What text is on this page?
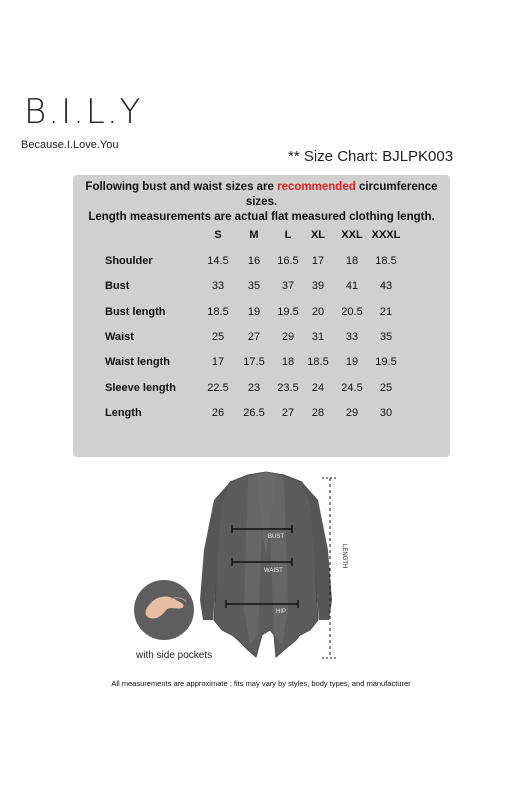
B.I.L.Y
Because.I.Love.You
** Size Chart: BJLPK003
Following bust and waist sizes are recommended circumference sizes.
Length measurements are actual flat measured clothing length.
S	M	L	XL	XXL XXXL
Shoulder	14.5	16	16.5	17	18	18.5
Bust	33	35	37	39	41	43
Bust length	18.5	19	19.5	20	20.5	21
Waist	25	27	29	31	33	35
Waist length	17	17.5	18	18.5	19	19.5
Sleeve length	22.5	23	23.5	24	24.5	25
Length	26	26.5	27	28	29	30
BUST
WAIST
HIP
LENGTH
with side pockets
All measurements are approximate ; fits may vary by styles, body types, and manufacturer
